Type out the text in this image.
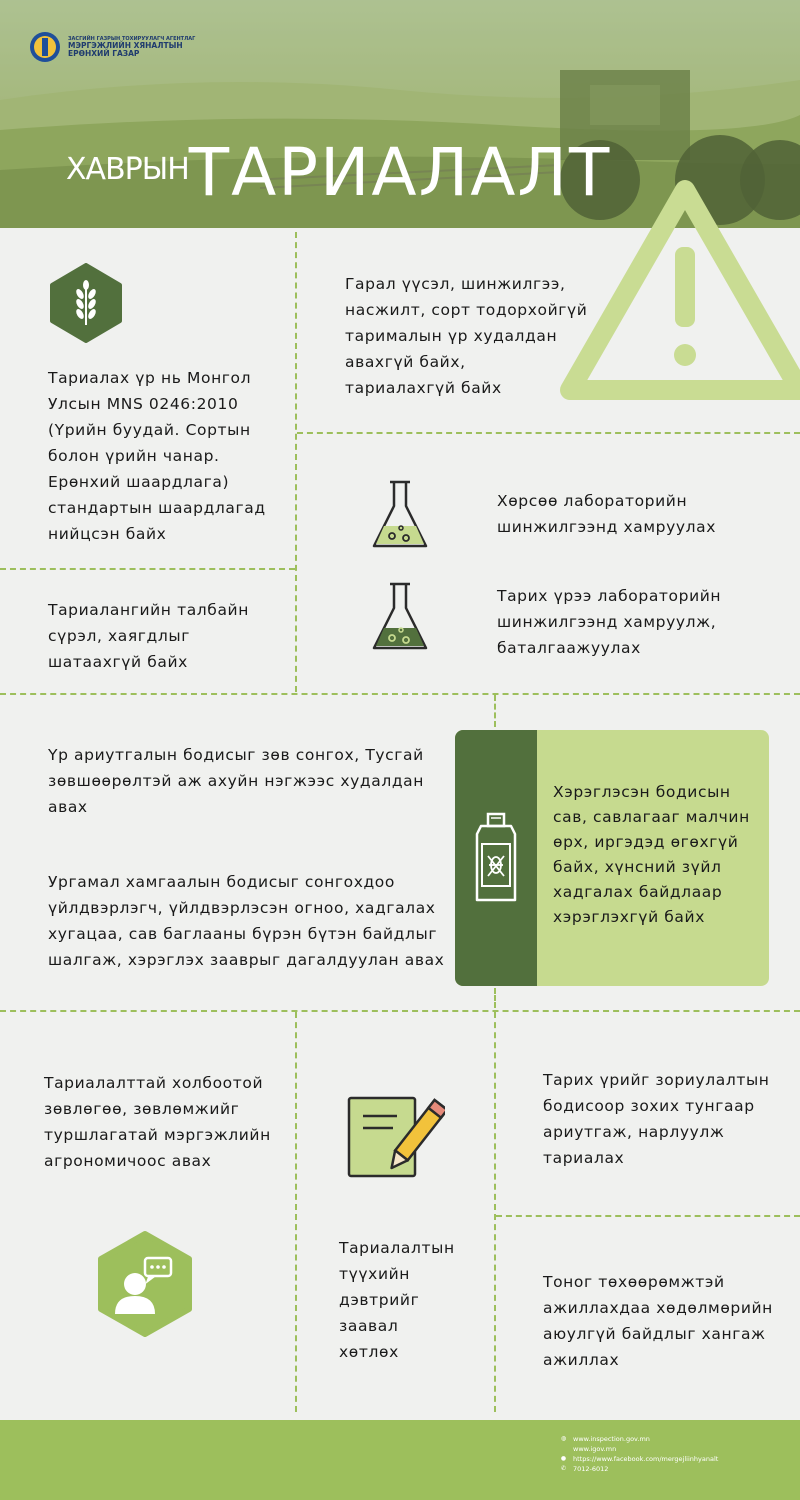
ЗАСГИЙН ГАЗРЫН ТОХИРУУЛАГЧ АГЕНТЛАГ
МЭРГЭЖЛИЙН ХЯНАЛТЫН
ЕРӨНХИЙ ГАЗАР
ХАВРЫН ТАРИАЛАЛТ
Тариалах үр нь Монгол
Улсын MNS 0246:2010
(Үрийн буудай. Сортын
болон үрийн чанар.
Ерөнхий шаардлага)
стандартын шаардлагад
нийцсэн байх
Тариалангийн талбайн
сүрэл, хаягдлыг
шатаахгүй байх
Гарал үүсэл, шинжилгээ,
насжилт, сорт тодорхойгүй
тарималын үр худалдан
авахгүй байх,
тариалахгүй байх
Хөрсөө лабораторийн
шинжилгээнд хамруулах
Тарих үрээ лабораторийн
шинжилгээнд хамруулж,
баталгаажуулах
Үр ариутгалын бодисыг зөв сонгох, Тусгай
зөвшөөрөлтэй аж ахуйн нэгжээс худалдан
авах
Ургамал хамгаалын бодисыг сонгохдоо
үйлдвэрлэгч, үйлдвэрлэсэн огноо, хадгалах
хугацаа, сав баглааны бүрэн бүтэн байдлыг
шалгаж, хэрэглэх зааврыг дагалдуулан авах
Хэрэглэсэн бодисын
сав, савлагааг малчин
өрх, иргэдэд өгөхгүй
байх, хүнсний зүйл
хадгалах байдлаар
хэрэглэхгүй байх
Тариалалттай холбоотой
зөвлөгөө, зөвлөмжийг
туршлагатай мэргэжлийн
агрономичоос авах
Тариалалтын
түүхийн
дэвтрийг
заавал
хөтлөх
Тарих үрийг зориулалтын
бодисоор зохих тунгаар
ариутгаж, нарлуулж
тариалах
Тоног төхөөрөмжтэй
ажиллахдаа хөдөлмөрийн
аюулгүй байдлыг хангаж
ажиллах
◍ www.inspection.gov.mn
www.igov.mn
● https://www.facebook.com/mergejliinhyanalt
✆ 7012-6012
